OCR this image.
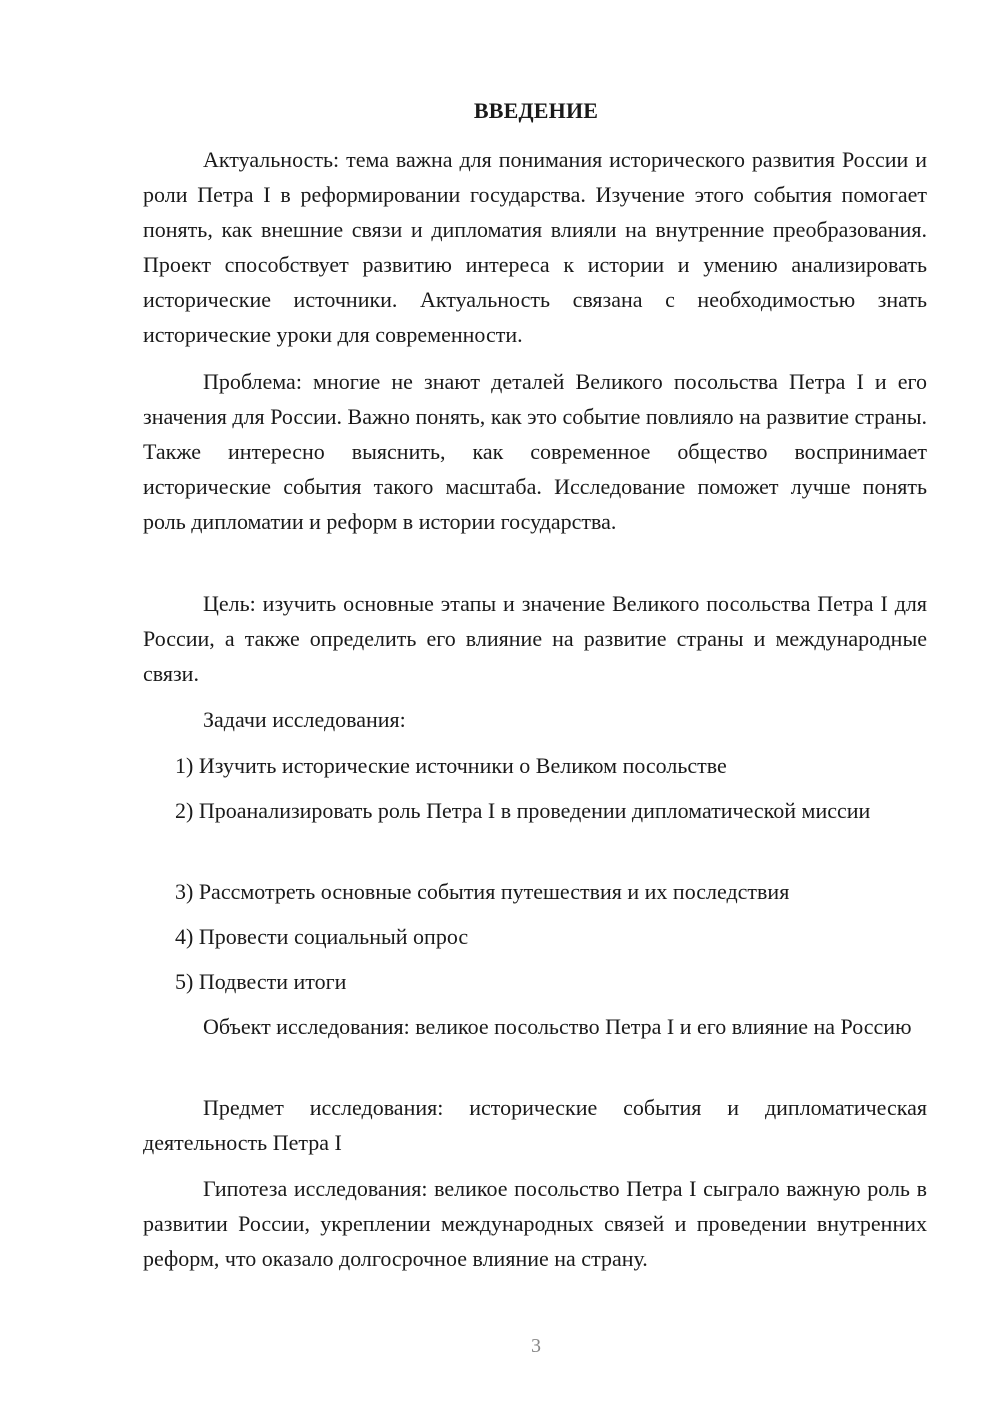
ВВЕДЕНИЕ
Актуальность: тема важна для понимания исторического развития России и роли Петра I в реформировании государства. Изучение этого события помогает понять, как внешние связи и дипломатия влияли на внутренние преобразования. Проект способствует развитию интереса к истории и умению анализировать исторические источники. Актуальность связана с необходимостью знать исторические уроки для современности.
Проблема: многие не знают деталей Великого посольства Петра I и его значения для России. Важно понять, как это событие повлияло на развитие страны. Также интересно выяснить, как современное общество воспринимает исторические события такого масштаба. Исследование поможет лучше понять роль дипломатии и реформ в истории государства.
Цель: изучить основные этапы и значение Великого посольства Петра I для России, а также определить его влияние на развитие страны и международные связи.
Задачи исследования:
1) Изучить исторические источники о Великом посольстве
2) Проанализировать роль Петра I в проведении дипломатической миссии
3) Рассмотреть основные события путешествия и их последствия
4) Провести социальный опрос
5) Подвести итоги
Объект исследования: великое посольство Петра I и его влияние на Россию
Предмет исследования: исторические события и дипломатическая деятельность Петра I
Гипотеза исследования: великое посольство Петра I сыграло важную роль в развитии России, укреплении международных связей и проведении внутренних реформ, что оказало долгосрочное влияние на страну.
3
